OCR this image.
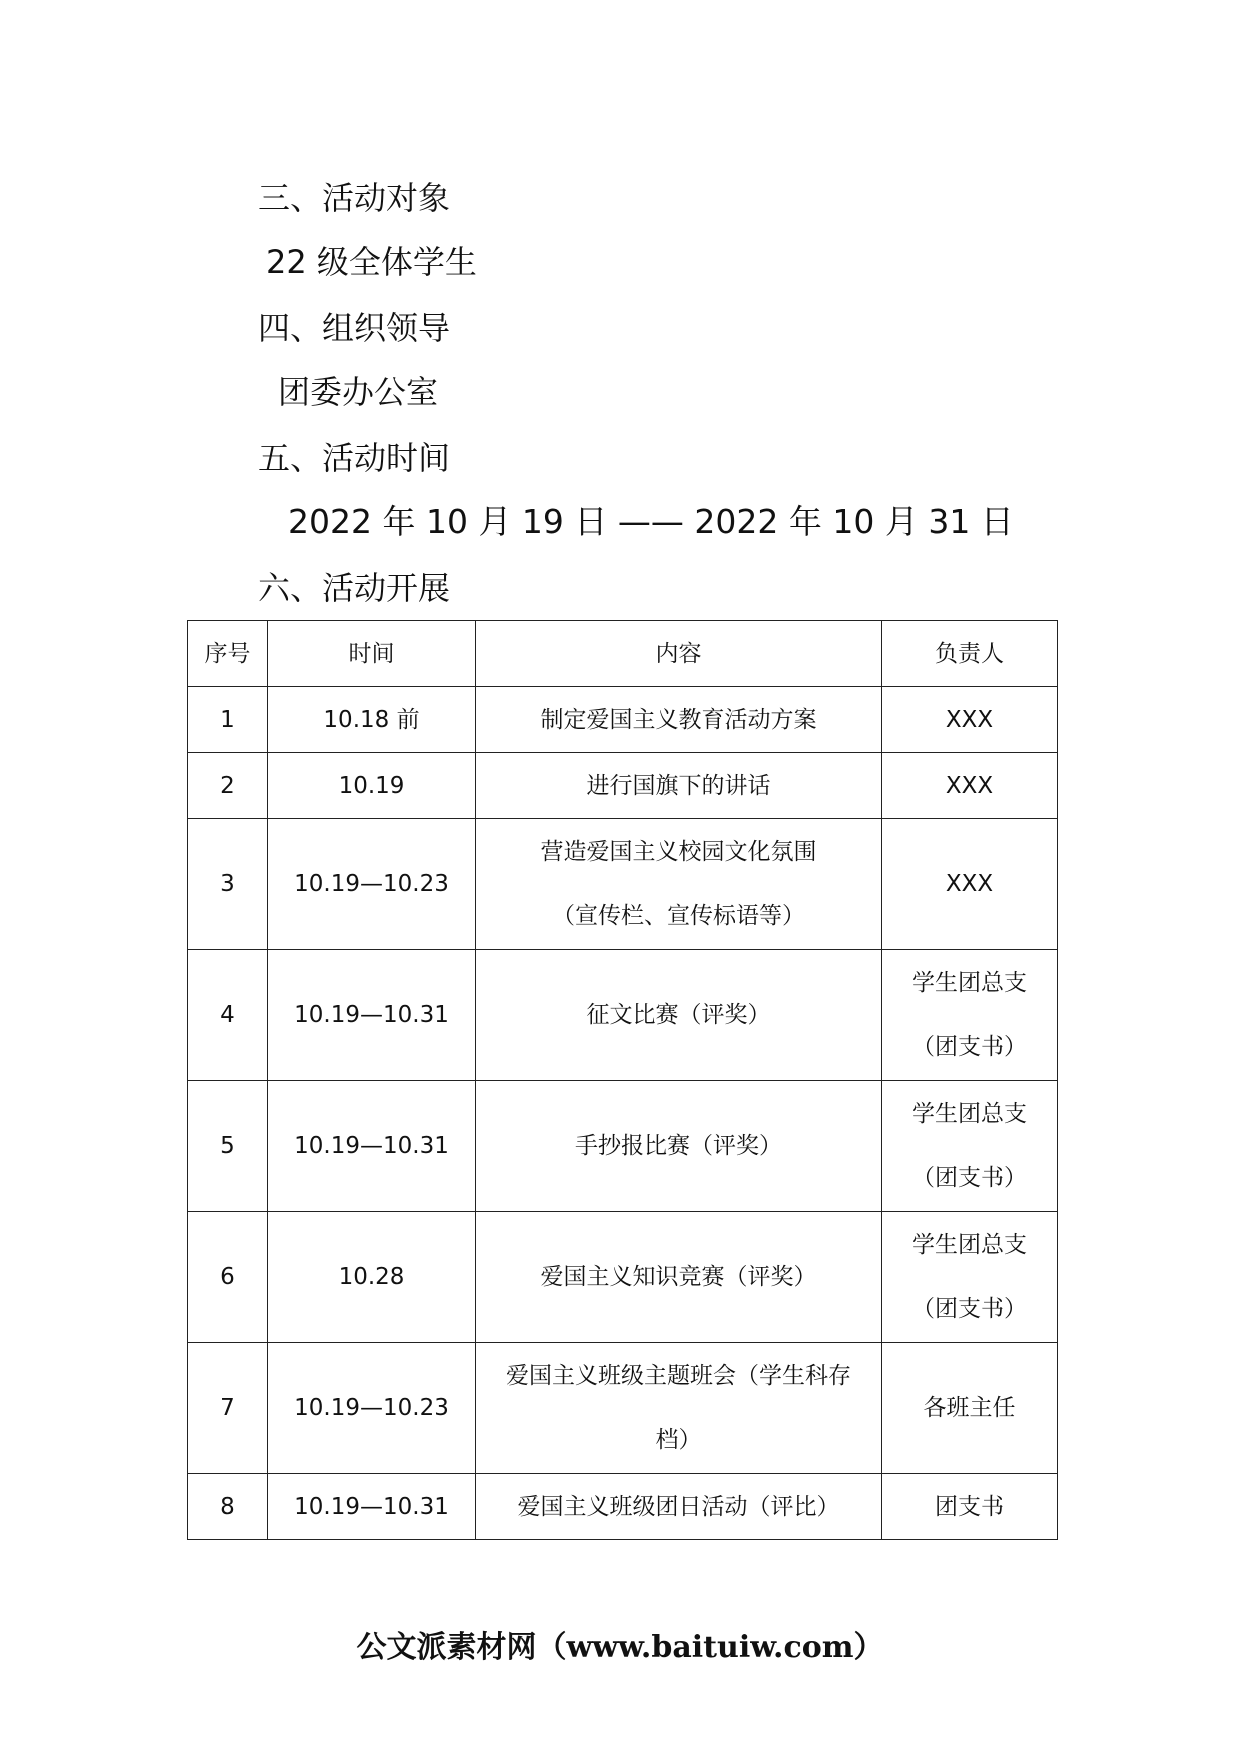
三、活动对象
22 级全体学生
四、组织领导
团委办公室
五、活动时间
2022 年 10 月 19 日 —— 2022 年 10 月 31 日
六、活动开展
序号	时间	内容	负责人
1	10.18 前	制定爱国主义教育活动方案	XXX

2	10.19	进行国旗下的讲话	XXX

3	10.19—10.23	营造爱国主义校园文化氛围
（宣传栏、宣传标语等）	XXX

4	10.19—10.31	征文比赛（评奖）	学生团总支
（团支书）

5	10.19—10.31	手抄报比赛（评奖）	学生团总支
（团支书）

6	10.28	爱国主义知识竞赛（评奖）	学生团总支
（团支书）

7	10.19—10.23	爱国主义班级主题班会（学生科存
档）	各班主任

8	10.19—10.31	爱国主义班级团日活动（评比）	团支书
公文派素材网（www.baituiw.com）
